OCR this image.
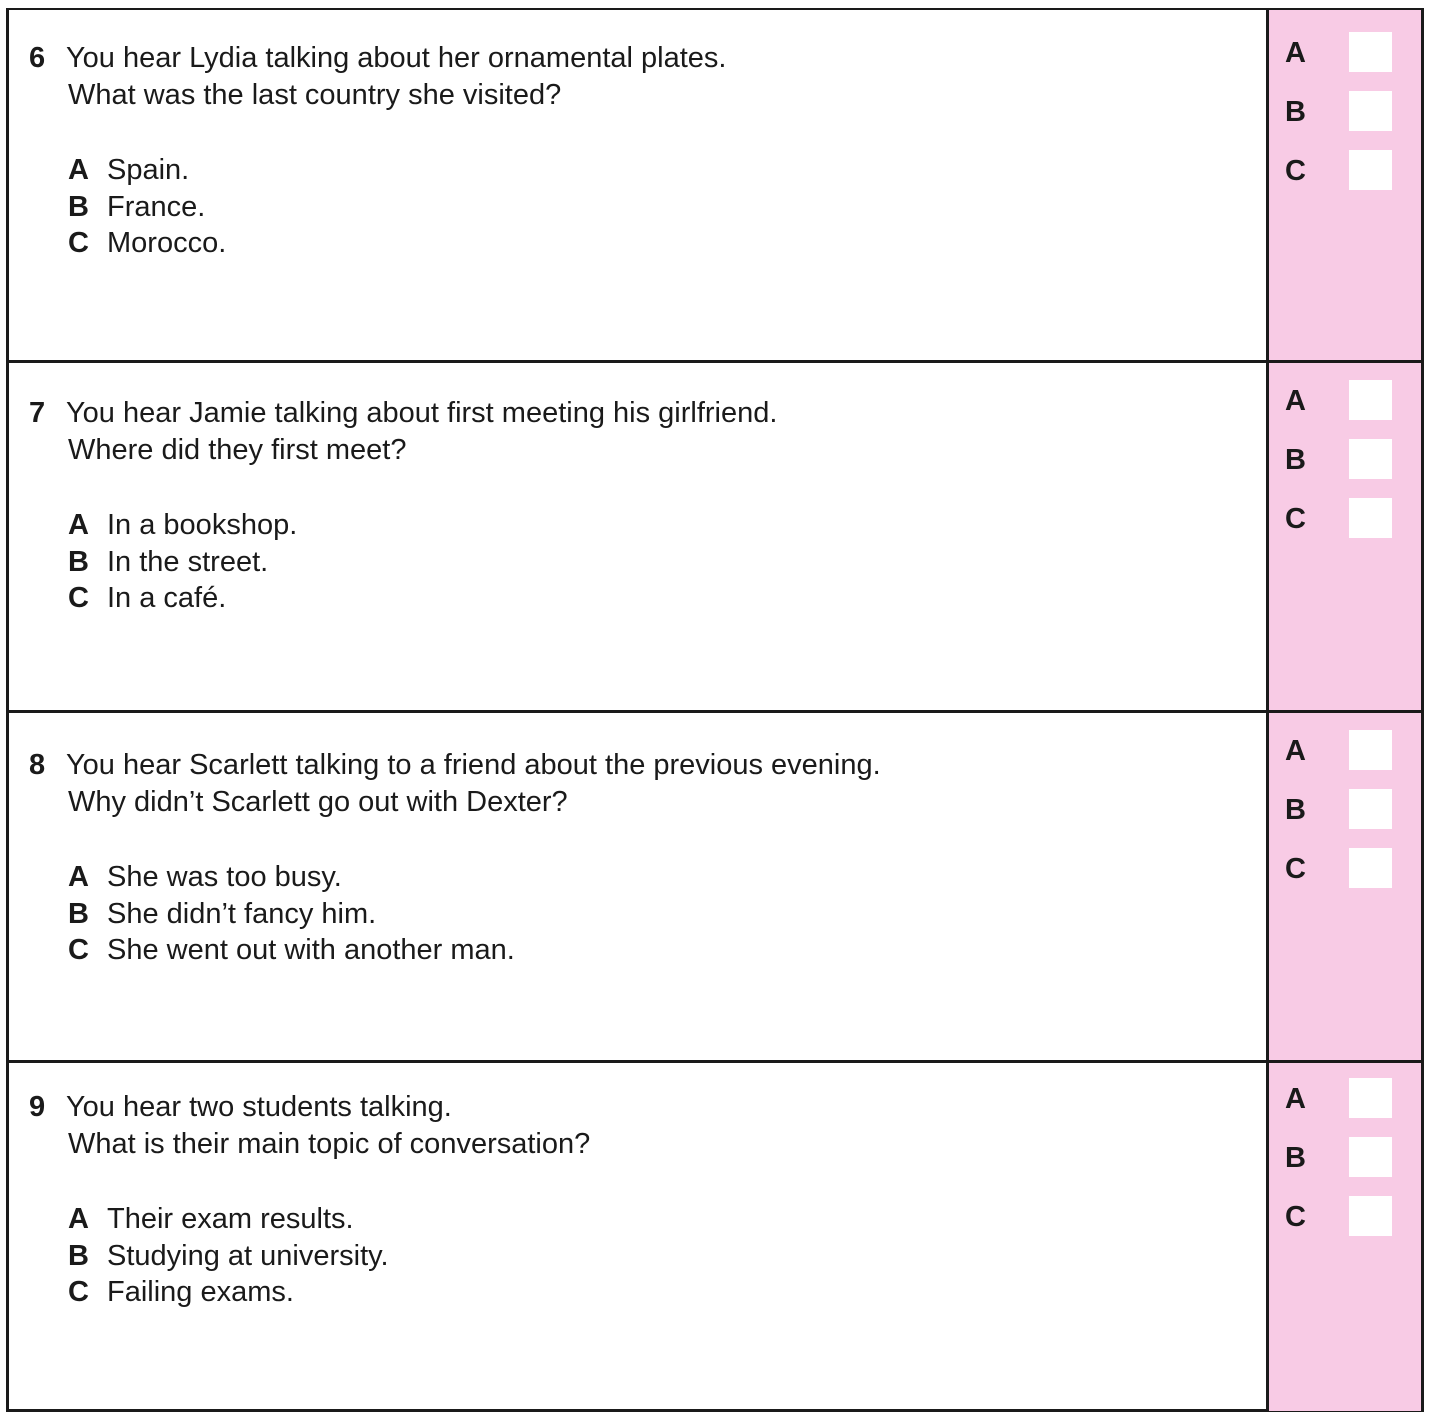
6 You hear Lydia talking about her ornamental plates.
What was the last country she visited?
A Spain.
B France.
C Morocco.
A
B
C
7 You hear Jamie talking about first meeting his girlfriend.
Where did they first meet?
A In a bookshop.
B In the street.
C In a café.
A
B
C
8 You hear Scarlett talking to a friend about the previous evening.
Why didn’t Scarlett go out with Dexter?
A She was too busy.
B She didn’t fancy him.
C She went out with another man.
A
B
C
9 You hear two students talking.
What is their main topic of conversation?
A Their exam results.
B Studying at university.
C Failing exams.
A
B
C
